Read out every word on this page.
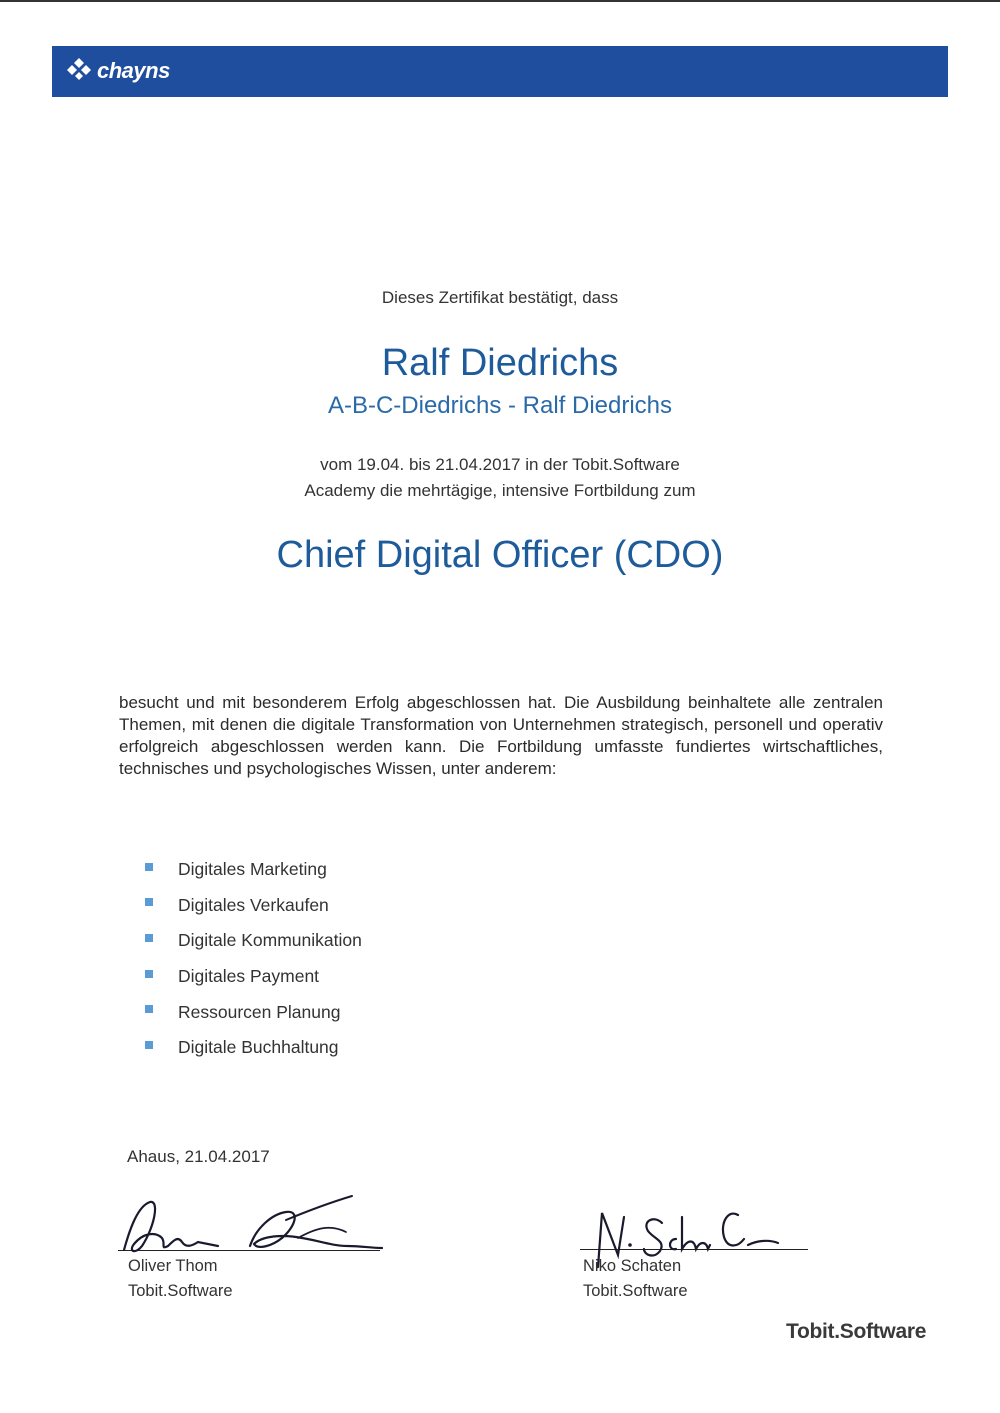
chayns
Dieses Zertifikat bestätigt, dass
Ralf Diedrichs
A-B-C-Diedrichs - Ralf Diedrichs
vom 19.04. bis 21.04.2017 in der Tobit.Software
Academy die mehrtägige, intensive Fortbildung zum
Chief Digital Officer (CDO)
besucht und mit besonderem Erfolg abgeschlossen hat. Die Ausbildung beinhaltete alle zentralen Themen, mit denen die digitale Transformation von Unternehmen strategisch, personell und operativ erfolgreich abgeschlossen werden kann. Die Fortbildung umfasste fundiertes wirtschaftliches, technisches und psychologisches Wissen, unter anderem:
Digitales Marketing
Digitales Verkaufen
Digitale Kommunikation
Digitales Payment
Ressourcen Planung
Digitale Buchhaltung
Ahaus, 21.04.2017
Oliver Thom
Tobit.Software
Niko Schaten
Tobit.Software
Tobit.Software
